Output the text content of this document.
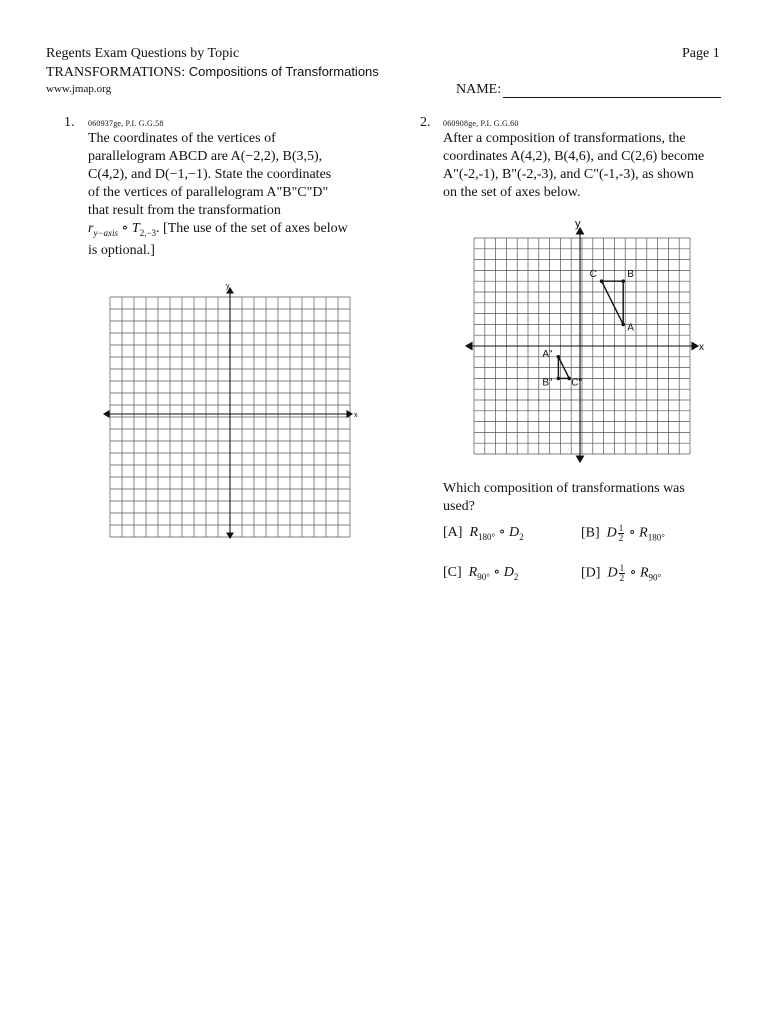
Regents Exam Questions by Topic
TRANSFORMATIONS: Compositions of Transformations
www.jmap.org
Page 1
NAME:
1. 060937ge, P.I. G.G.58
The coordinates of the vertices of
parallelogram ABCD are A(−2,2), B(3,5),
C(4,2), and D(−1,−1). State the coordinates
of the vertices of parallelogram A"B"C"D"
that result from the transformation
$r_{y-axis}$ ∘ $T_{2,-3}$. [The use of the set of axes below
is optional.]
y
x
2. 060908ge, P.I. G.G.60
After a composition of transformations, the
coordinates A(4,2), B(4,6), and C(2,6) become
A"(-2,-1), B"(-2,-3), and C"(-1,-3), as shown
on the set of axes below.
y
x
A
B
C
A"
B" C"
Which composition of transformations was
used?
[A] $R_{180^\circ}$ ∘ $D_2$	[B] D $\frac{1}{2}$ ∘ $R_{180^\circ}$
[C] $R_{90^\circ}$ ∘ $D_2$	[D] D $\frac{1}{2}$ ∘ $R_{90^\circ}$
